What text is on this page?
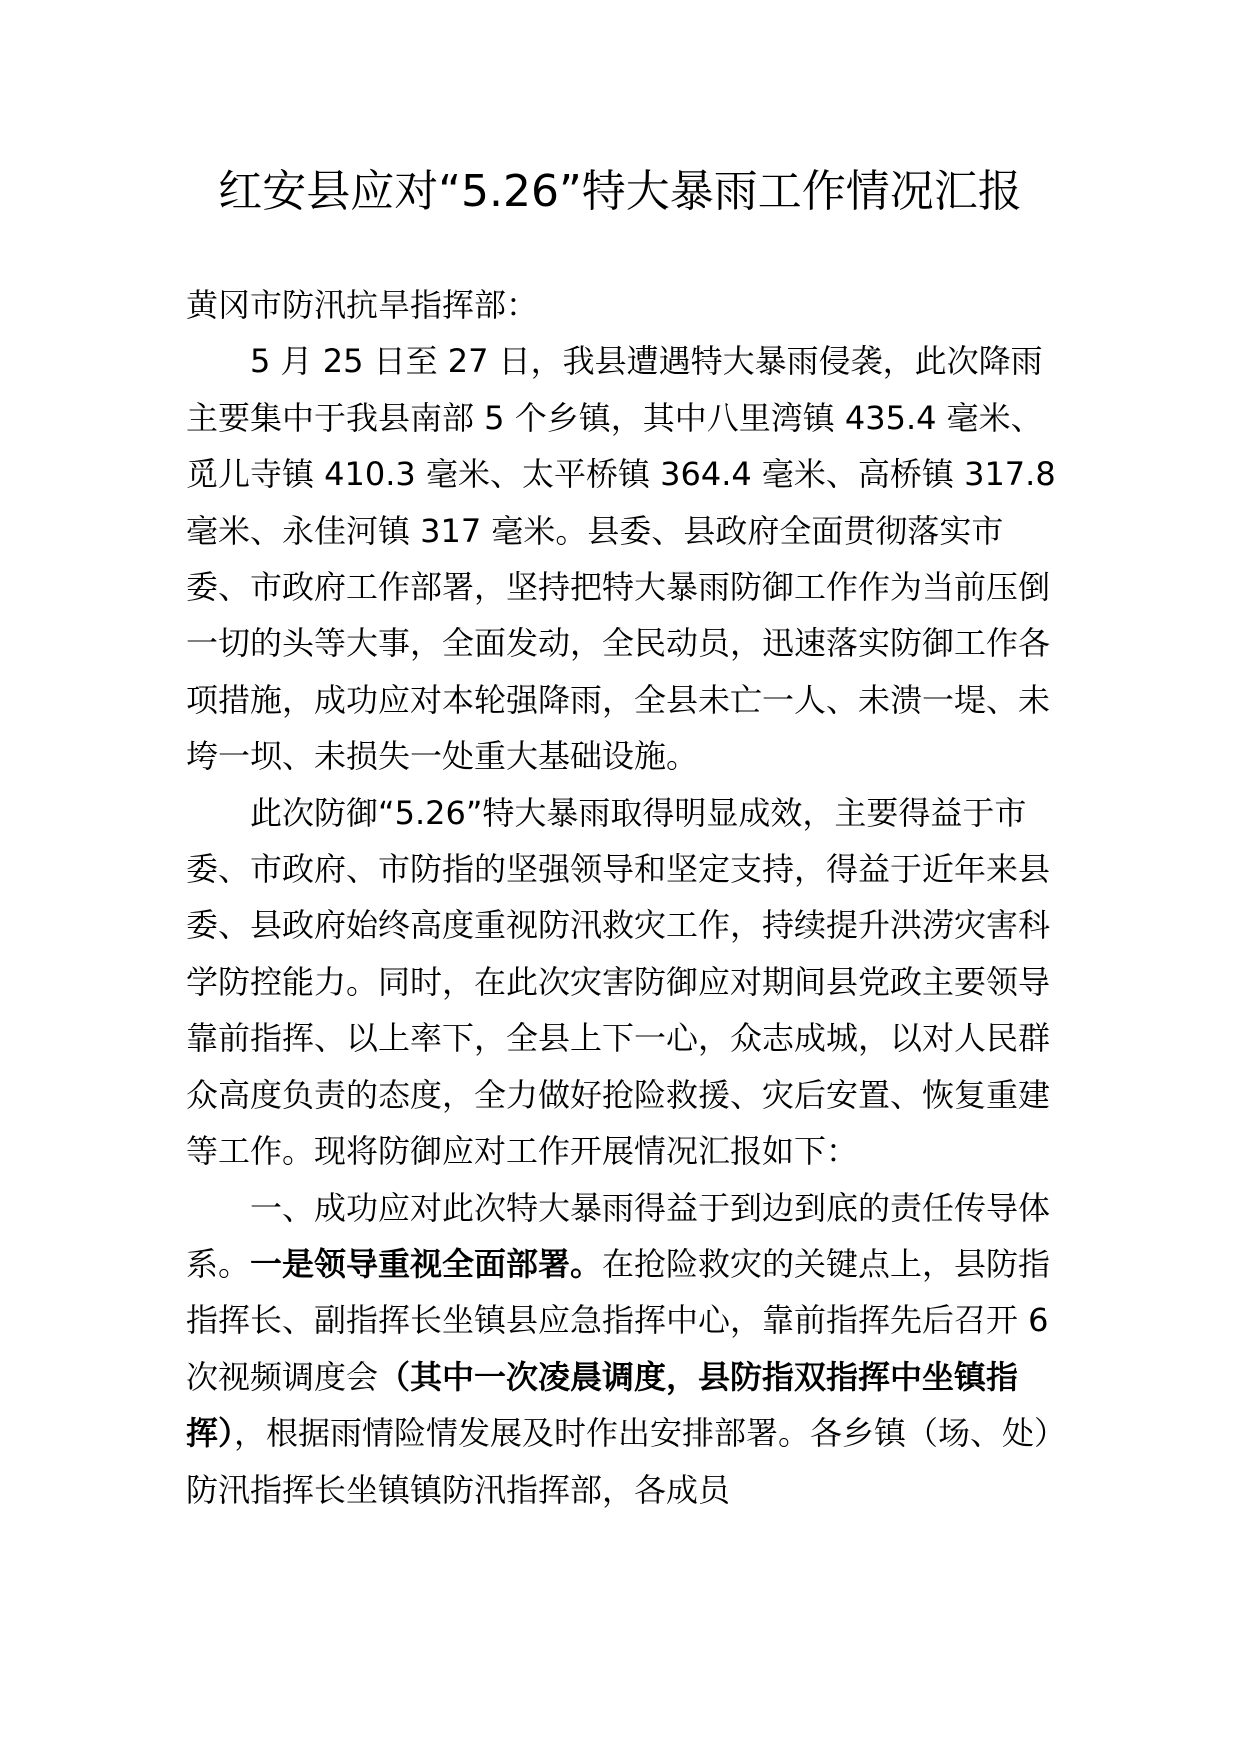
红安县应对“5.26”特大暴雨工作情况汇报

黄冈市防汛抗旱指挥部：

5 月 25 日至 27 日，我县遭遇特大暴雨侵袭，此次降雨主要集中于我县南部 5 个乡镇，其中八里湾镇 435.4 毫米、觅儿寺镇 410.3 毫米、太平桥镇 364.4 毫米、高桥镇 317.8 毫米、永佳河镇 317 毫米。县委、县政府全面贯彻落实市委、市政府工作部署，坚持把特大暴雨防御工作作为当前压倒一切的头等大事，全面发动，全民动员，迅速落实防御工作各项措施，成功应对本轮强降雨，全县未亡一人、未溃一堤、未垮一坝、未损失一处重大基础设施。

此次防御“5.26”特大暴雨取得明显成效，主要得益于市委、市政府、市防指的坚强领导和坚定支持，得益于近年来县委、县政府始终高度重视防汛救灾工作，持续提升洪涝灾害科学防控能力。同时，在此次灾害防御应对期间县党政主要领导靠前指挥、以上率下，全县上下一心，众志成城，以对人民群众高度负责的态度，全力做好抢险救援、灾后安置、恢复重建等工作。现将防御应对工作开展情况汇报如下：

一、成功应对此次特大暴雨得益于到边到底的责任传导体系。一是领导重视全面部署。在抢险救灾的关键点上，县防指指挥长、副指挥长坐镇县应急指挥中心，靠前指挥先后召开 6 次视频调度会（其中一次凌晨调度，县防指双指挥中坐镇指挥），根据雨情险情发展及时作出安排部署。各乡镇（场、处）防汛指挥长坐镇镇防汛指挥部，各成员
